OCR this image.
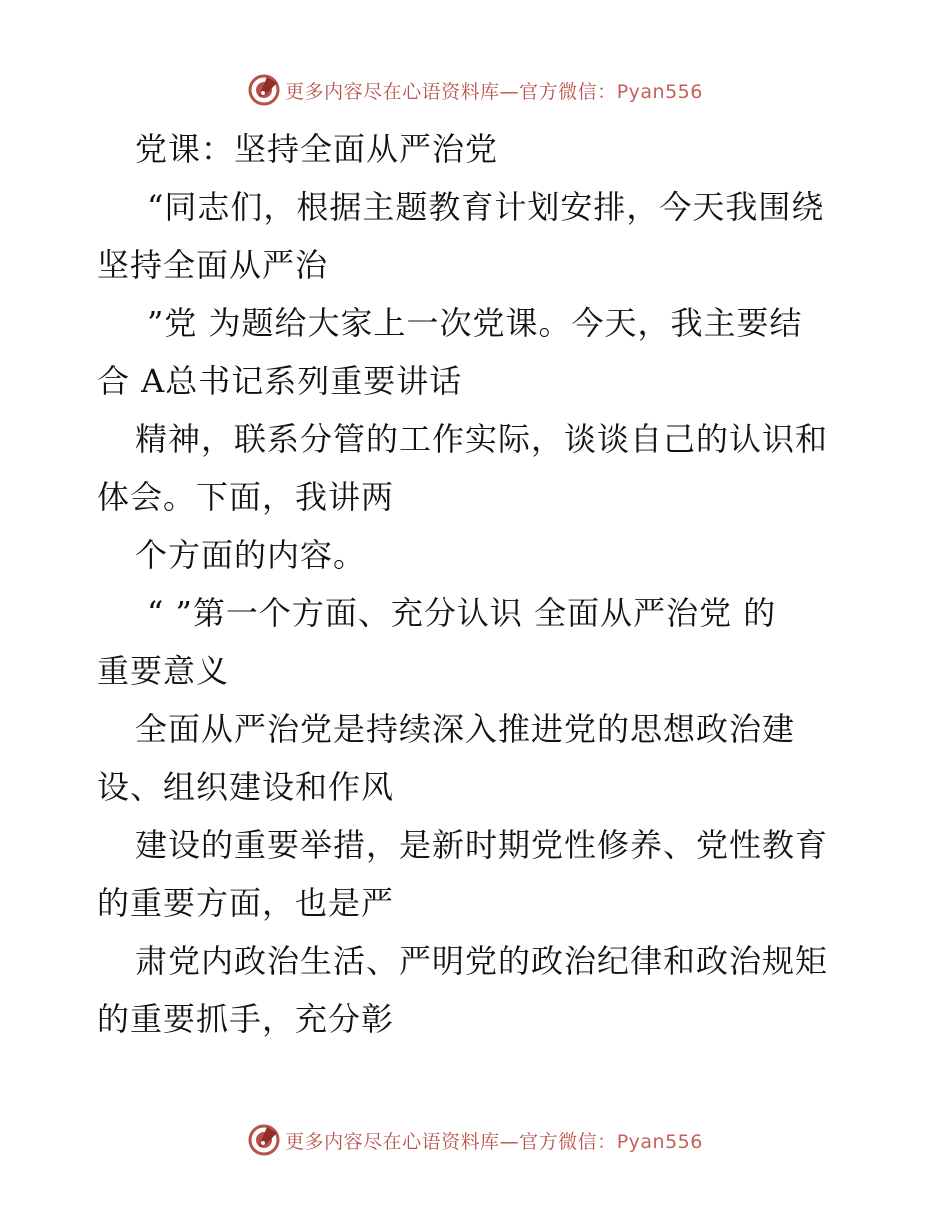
更多内容尽在心语资料库—官方微信：Pyan556
党课：坚持全面从严治党
“同志们，根据主题教育计划安排，今天我围绕
坚持全面从严治
”党 为题给大家上一次党课。今天，我主要结
合 A总书记系列重要讲话
精神，联系分管的工作实际，谈谈自己的认识和
体会。下面，我讲两
个方面的内容。
“ ”第一个方面、充分认识 全面从严治党 的
重要意义
全面从严治党是持续深入推进党的思想政治建
设、组织建设和作风
建设的重要举措，是新时期党性修养、党性教育
的重要方面，也是严
肃党内政治生活、严明党的政治纪律和政治规矩
的重要抓手，充分彰
更多内容尽在心语资料库—官方微信：Pyan556
